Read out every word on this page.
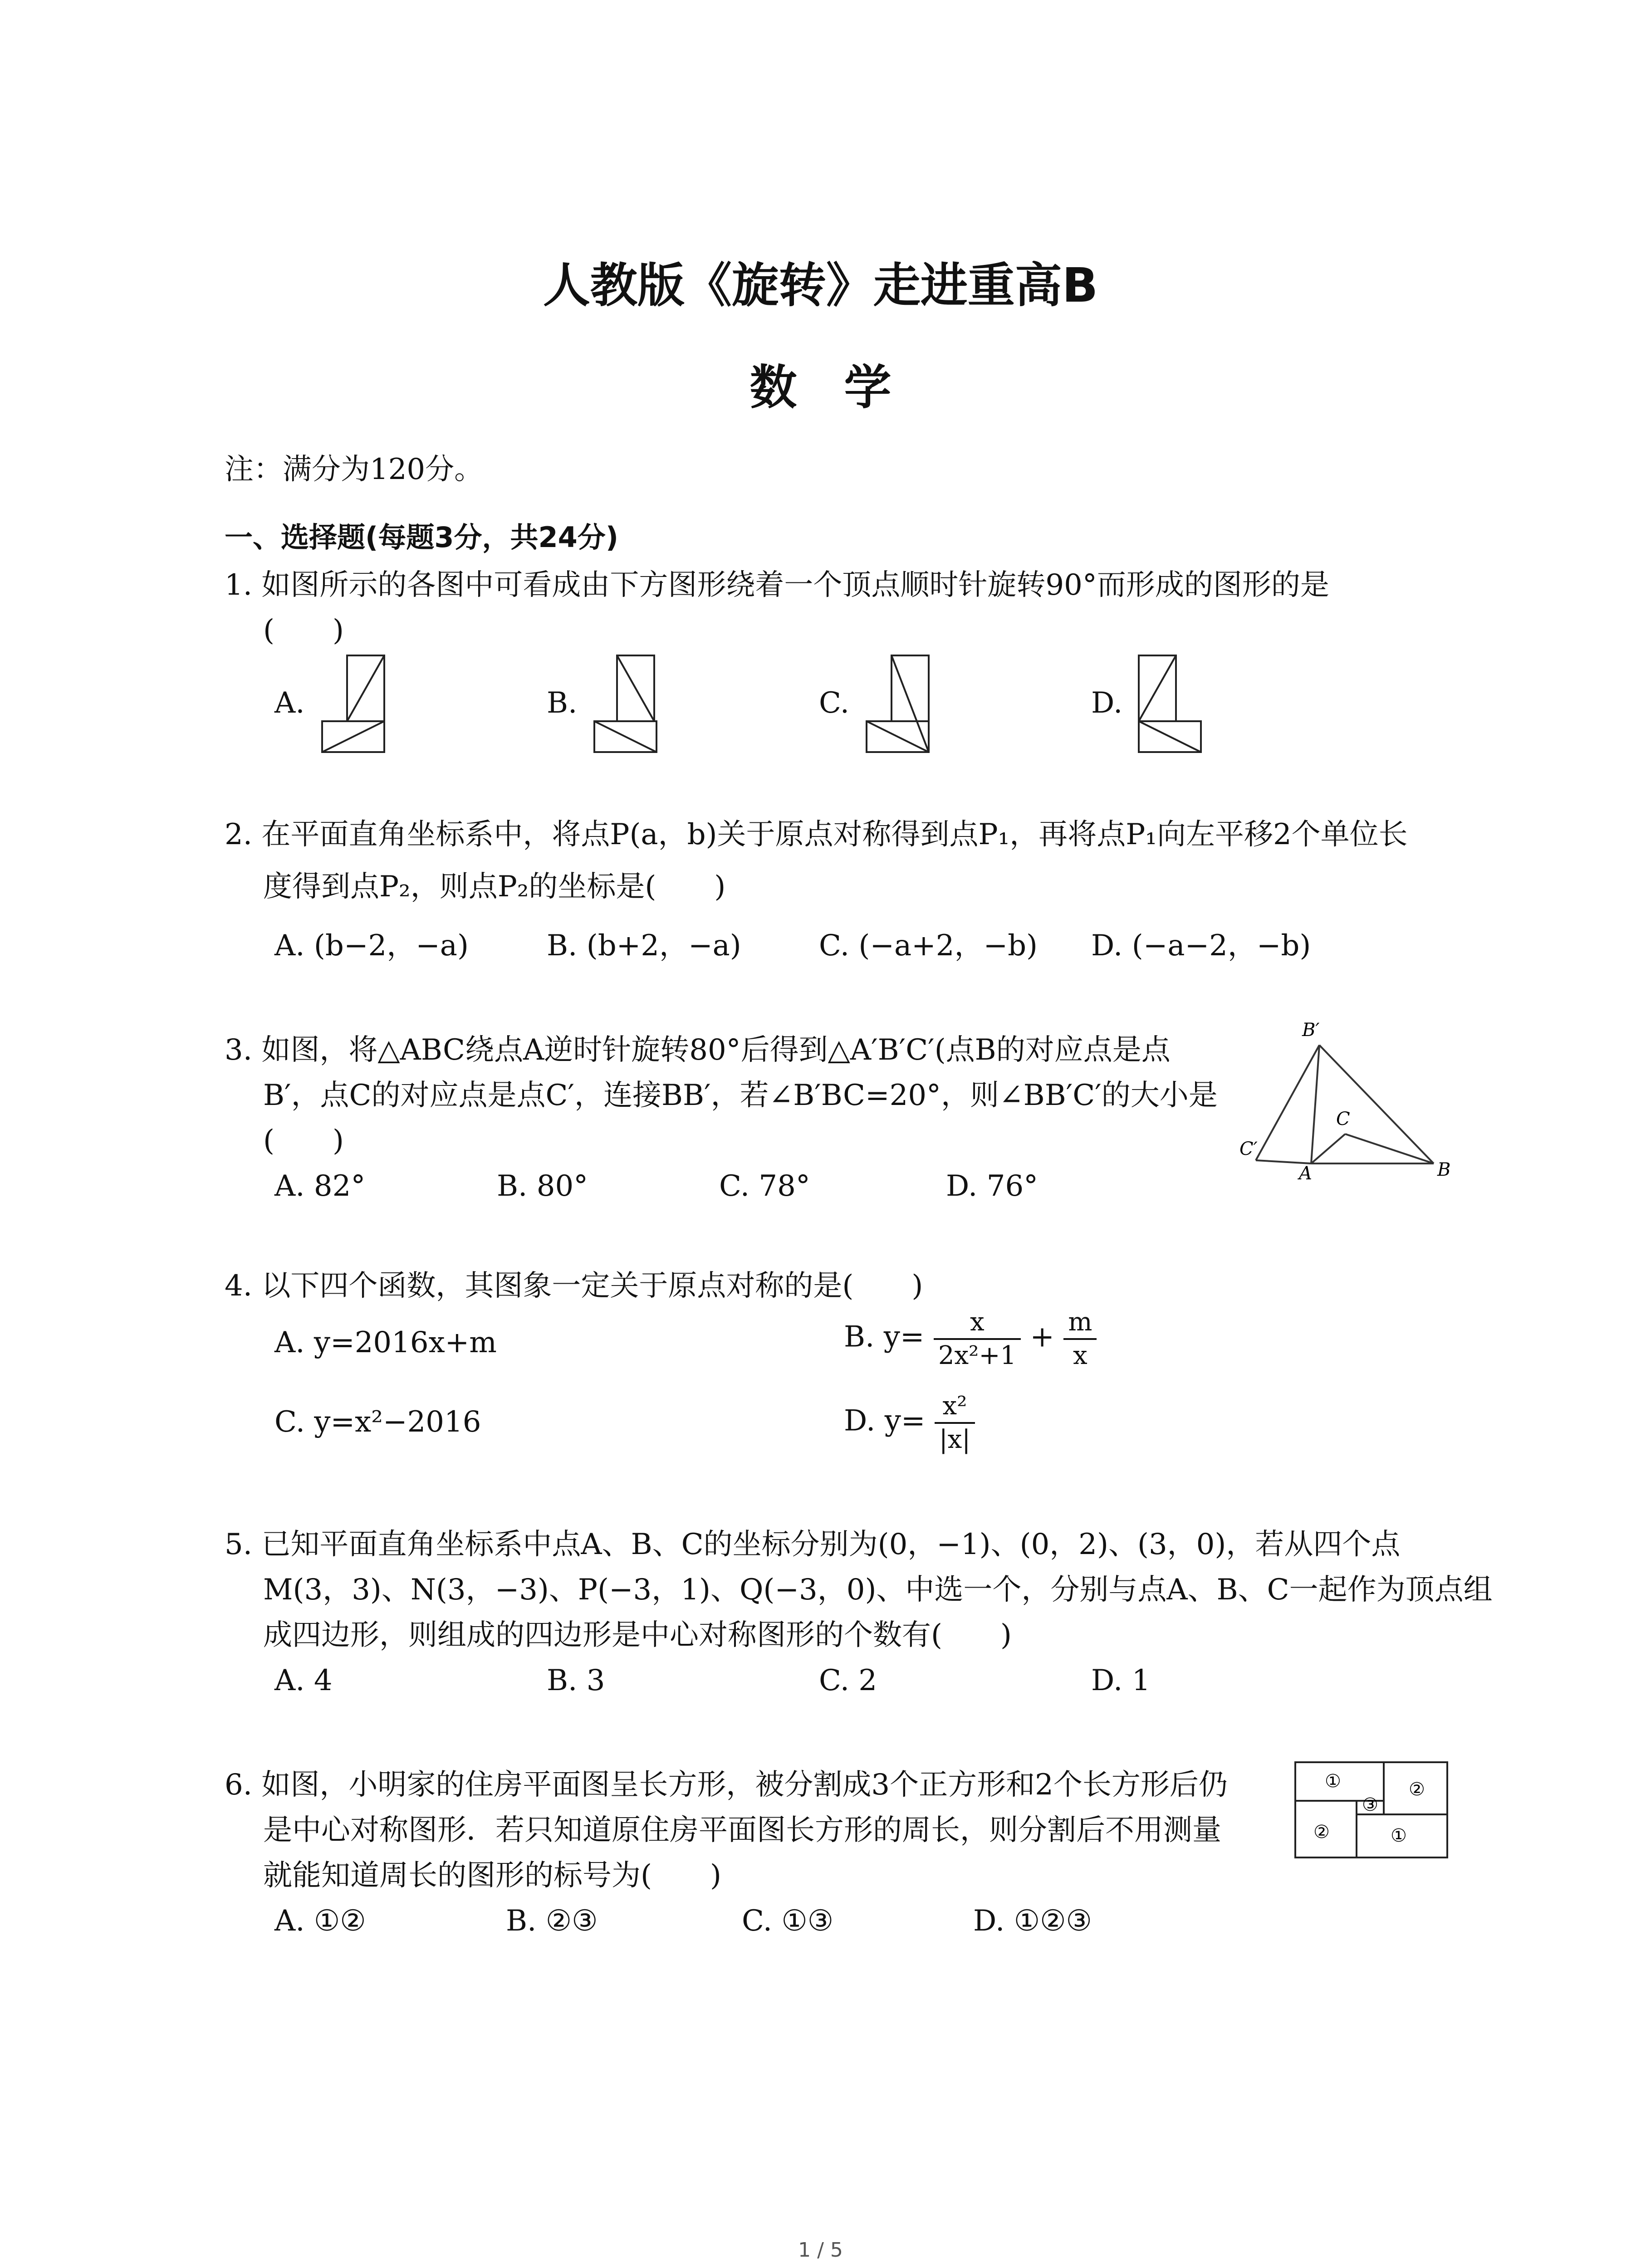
人教版《旋转》走进重高B
数　学
注：满分为120分。
一、选择题(每题3分，共24分)
1. 如图所示的各图中可看成由下方图形绕着一个顶点顺时针旋转90°而形成的图形的是
(　　)
A.	B.	C.	D.
2. 在平面直角坐标系中，将点P(a，b)关于原点对称得到点P₁，再将点P₁向左平移2个单位长
度得到点P₂，则点P₂的坐标是(　　)
A. (b−2，−a)	B. (b+2，−a)	C. (−a+2，−b) D. (−a−2，−b)
3. 如图，将△ABC绕点A逆时针旋转80°后得到△A′B′C′(点B的对应点是点
B′，点C的对应点是点C′，连接BB′，若∠B′BC=20°，则∠BB′C′的大小是
(　　)
A. 82°	B. 80°	C. 78°	D. 76°
B′
C′
C
A	B
4. 以下四个函数，其图象一定关于原点对称的是(　　)
A. y=2016x+m	B. $y= \frac{x}{\text{2x²+1}} + \frac{m}{x}$
C. y=x²−2016	D. $y= \frac{\text{x²}}{|x|}$
5. 已知平面直角坐标系中点A、B、C的坐标分别为(0，−1)、(0，2)、(3，0)，若从四个点
M(3，3)、N(3，−3)、P(−3，1)、Q(−3，0)、中选一个，分别与点A、B、C一起作为顶点组
成四边形，则组成的四边形是中心对称图形的个数有(　　)
A. 4	B. 3	C. 2	D. 1
6. 如图，小明家的住房平面图呈长方形，被分割成3个正方形和2个长方形后仍
是中心对称图形．若只知道原住房平面图长方形的周长，则分割后不用测量
就能知道周长的图形的标号为(　　)
A. ①②	B. ②③	C. ①③	D. ①②③
①	②
③
②	①
1 / 5
